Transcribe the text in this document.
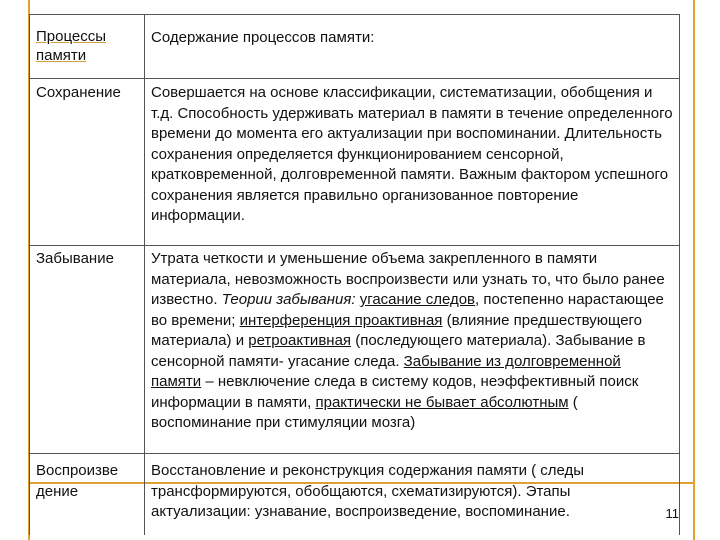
Процессы памяти	Содержание процессов памяти:
Сохранение	Совершается на основе классификации, систематизации, обобщения и т.д. Способность удерживать материал в памяти в течение определенного времени до момента его актуализации при воспоминании. Длительность сохранения определяется функционированием сенсорной, кратковременной, долговременной памяти. Важным фактором успешного сохранения является правильно организованное повторение информации.
Забывание	Утрата четкости и уменьшение объема закрепленного в памяти материала, невозможность воспроизвести или узнать то, что было ранее известно. Теории забывания: угасание следов, постепенно нарастающее во времени; интерференция проактивная (влияние предшествующего материала) и ретроактивная (последующего материала). Забывание в сенсорной памяти- угасание следа. Забывание из долговременной памяти – невключение следа в систему кодов, неэффективный поиск информации в памяти, практически не бывает абсолютным ( воспоминание при стимуляции мозга)
Воспроизве дение	Восстановление и реконструкция содержания памяти ( следы трансформируются, обобщаются, схематизируются). Этапы актуализации: узнавание, воспроизведение, воспоминание.	11
